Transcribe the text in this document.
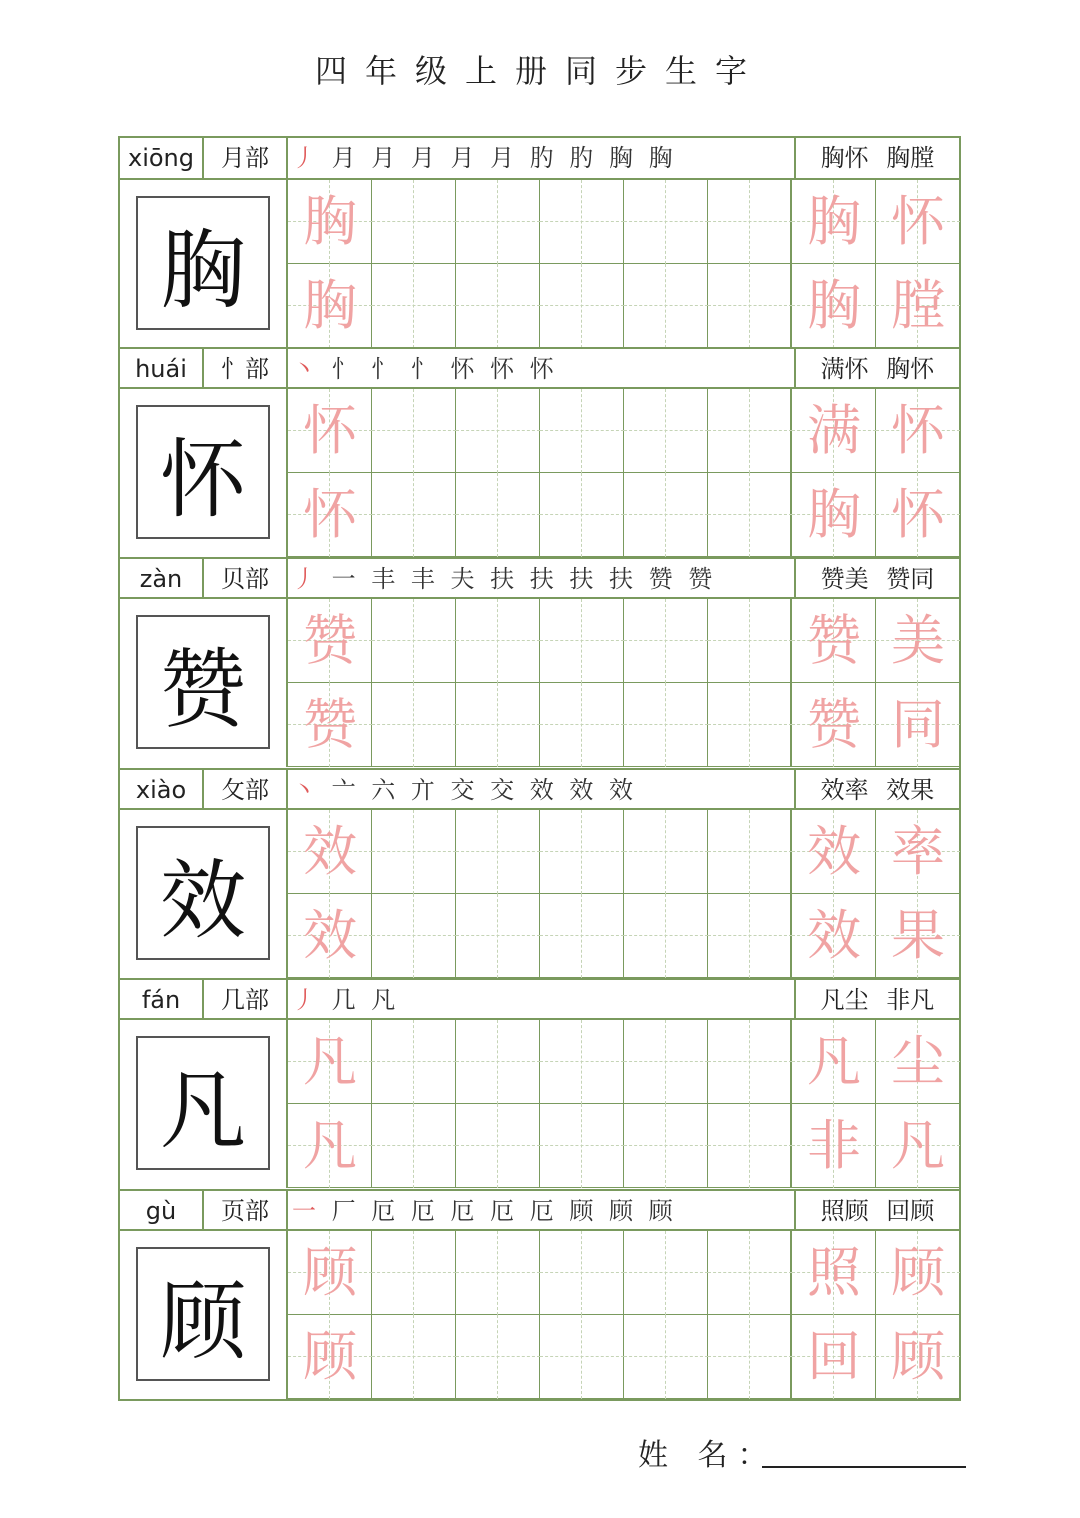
四年级上册同步生字
xiōng	月部 丿 月 月 月 月 月 肑 肑 胸 胸	胸怀 胸膛
胸	胸	胸 怀
胸	胸 膛
huái	忄部 丶 忄 忄 忄 怀 怀 怀	满怀 胸怀
怀	怀	满 怀
怀	胸 怀
zàn	贝部 丿 一 丰 丰 夫 扶 扶 扶 扶 赞 赞	赞美 赞同
赞	赞	赞 美
赞	赞 同
xiào	攵部 丶 亠 六 亣 交 交 效 效 效	效率 效果
效	效	效 率
效	效 果
fán	几部 丿 几 凡	凡尘 非凡
凡	凡	凡 尘
凡	非 凡
gù	页部 一 厂 厄 厄 厄 厄 厄 顾 顾 顾	照顾 回顾
顾	顾	照 顾
顾	回 顾
姓 名：
